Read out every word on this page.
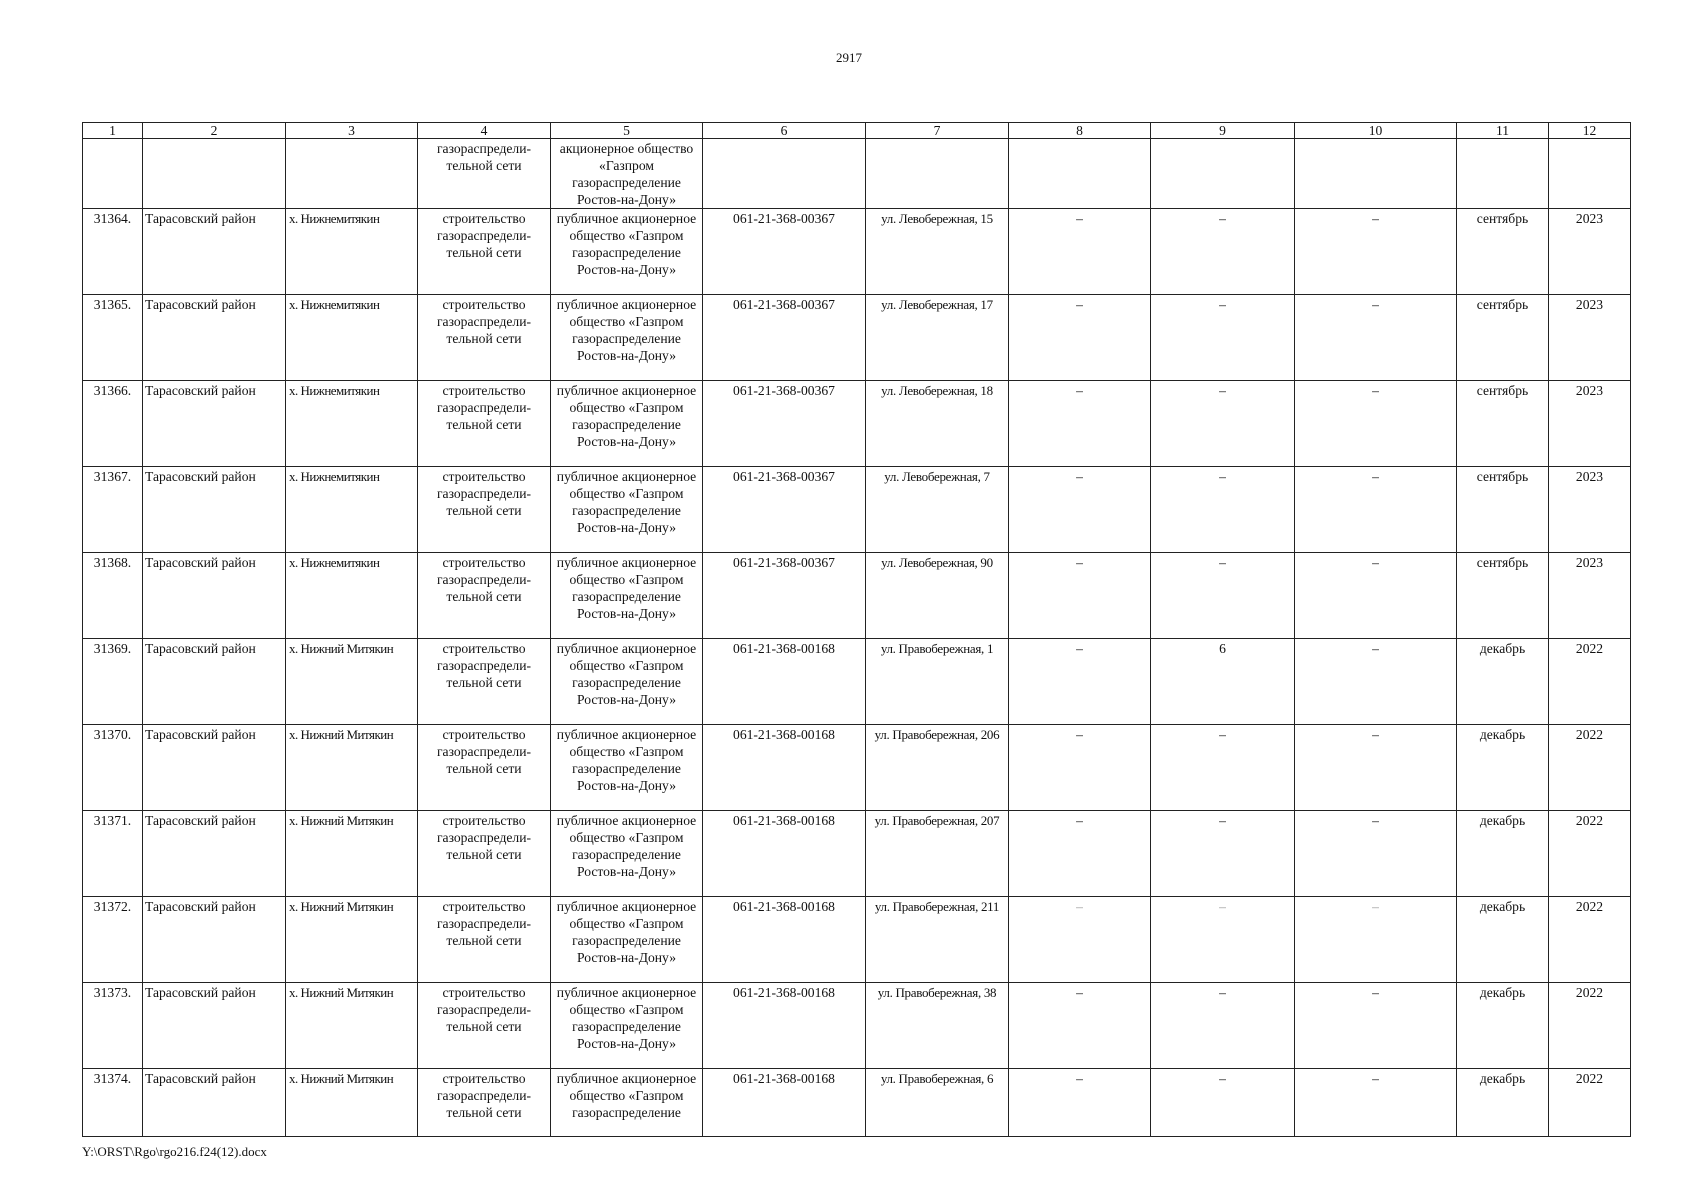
2917
1	2	3	4	5	6	7	8	9	10	11	12
			газораспредели-тельной сети	акционерное общество «Газпром газораспределение Ростов-на-Дону»							
31364.	Тарасовский район	х. Нижнемитякин	строительство газораспредели-тельной сети	публичное акционерное общество «Газпром газораспределение Ростов-на-Дону»	061-21-368-00367	ул. Левобережная, 15	–	–	–	сентябрь	2023
31365.	Тарасовский район	х. Нижнемитякин	строительство газораспредели-тельной сети	публичное акционерное общество «Газпром газораспределение Ростов-на-Дону»	061-21-368-00367	ул. Левобережная, 17	–	–	–	сентябрь	2023
31366.	Тарасовский район	х. Нижнемитякин	строительство газораспредели-тельной сети	публичное акционерное общество «Газпром газораспределение Ростов-на-Дону»	061-21-368-00367	ул. Левобережная, 18	–	–	–	сентябрь	2023
31367.	Тарасовский район	х. Нижнемитякин	строительство газораспредели-тельной сети	публичное акционерное общество «Газпром газораспределение Ростов-на-Дону»	061-21-368-00367	ул. Левобережная, 7	–	–	–	сентябрь	2023
31368.	Тарасовский район	х. Нижнемитякин	строительство газораспредели-тельной сети	публичное акционерное общество «Газпром газораспределение Ростов-на-Дону»	061-21-368-00367	ул. Левобережная, 90	–	–	–	сентябрь	2023
31369.	Тарасовский район	х. Нижний Митякин	строительство газораспредели-тельной сети	публичное акционерное общество «Газпром газораспределение Ростов-на-Дону»	061-21-368-00168	ул. Правобережная, 1	–	6	–	декабрь	2022
31370.	Тарасовский район	х. Нижний Митякин	строительство газораспредели-тельной сети	публичное акционерное общество «Газпром газораспределение Ростов-на-Дону»	061-21-368-00168	ул. Правобережная, 206	–	–	–	декабрь	2022
31371.	Тарасовский район	х. Нижний Митякин	строительство газораспредели-тельной сети	публичное акционерное общество «Газпром газораспределение Ростов-на-Дону»	061-21-368-00168	ул. Правобережная, 207	–	–	–	декабрь	2022
31372.	Тарасовский район	х. Нижний Митякин	строительство газораспредели-тельной сети	публичное акционерное общество «Газпром газораспределение Ростов-на-Дону»	061-21-368-00168	ул. Правобережная, 211	–	–	–	декабрь	2022
31373.	Тарасовский район	х. Нижний Митякин	строительство газораспредели-тельной сети	публичное акционерное общество «Газпром газораспределение Ростов-на-Дону»	061-21-368-00168	ул. Правобережная, 38	–	–	–	декабрь	2022
31374.	Тарасовский район	х. Нижний Митякин	строительство газораспредели-тельной сети	публичное акционерное общество «Газпром газораспределение	061-21-368-00168	ул. Правобережная, 6	–	–	–	декабрь	2022
Y:\ORST\Rgo\rgo216.f24(12).docx
